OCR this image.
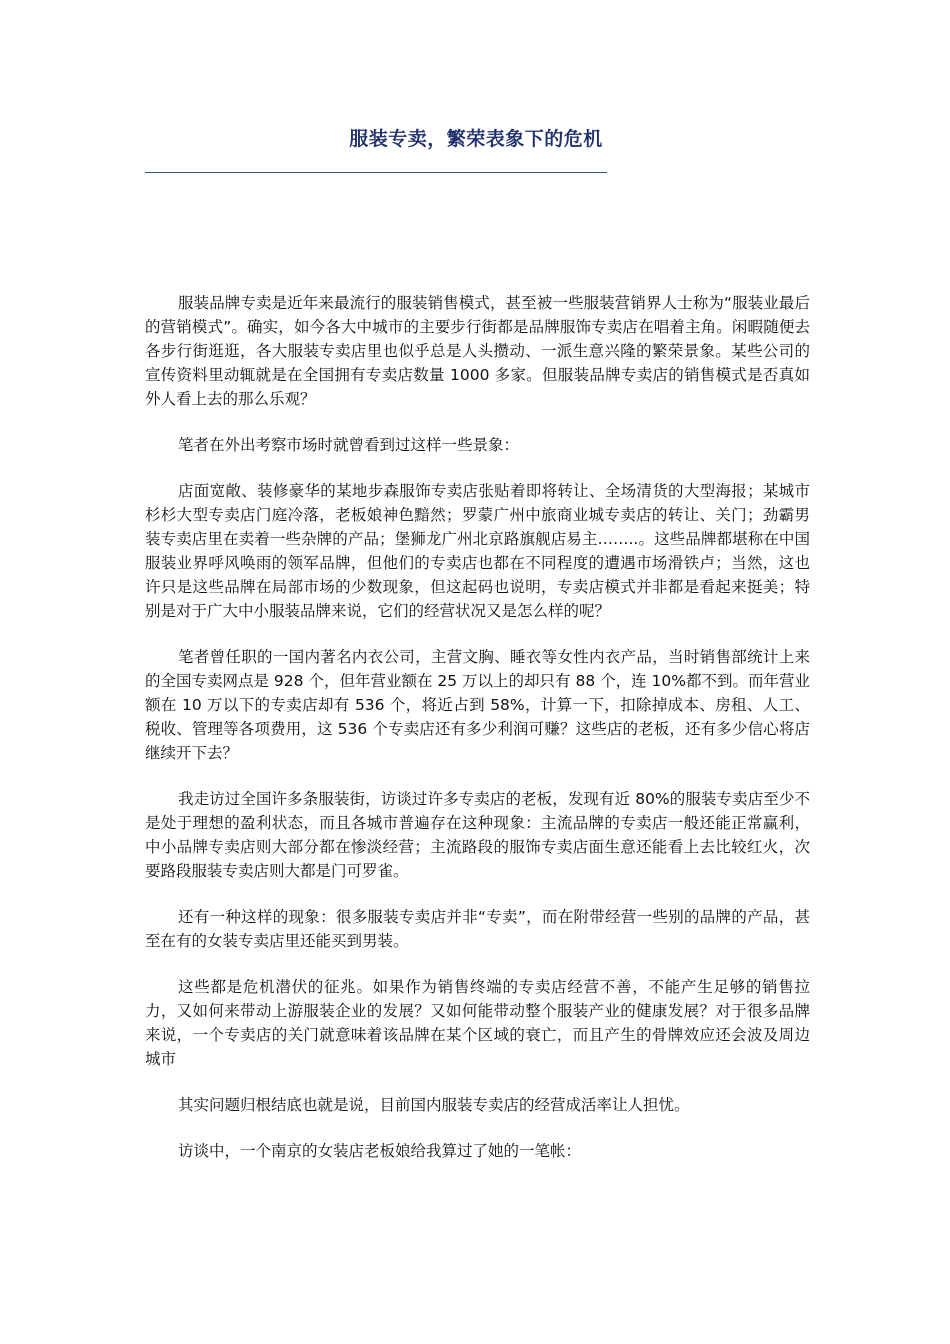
服装专卖，繁荣表象下的危机

服装品牌专卖是近年来最流行的服装销售模式，甚至被一些服装营销界人士称为“服装业最后的营销模式”。确实，如今各大中城市的主要步行街都是品牌服饰专卖店在唱着主角。闲暇随便去各步行街逛逛，各大服装专卖店里也似乎总是人头攒动、一派生意兴隆的繁荣景象。某些公司的宣传资料里动辄就是在全国拥有专卖店数量 1000 多家。但服装品牌专卖店的销售模式是否真如外人看上去的那么乐观？

笔者在外出考察市场时就曾看到过这样一些景象：

店面宽敞、装修豪华的某地步森服饰专卖店张贴着即将转让、全场清货的大型海报；某城市杉杉大型专卖店门庭冷落，老板娘神色黯然；罗蒙广州中旅商业城专卖店的转让、关门；劲霸男装专卖店里在卖着一些杂牌的产品；堡狮龙广州北京路旗舰店易主……..。这些品牌都堪称在中国服装业界呼风唤雨的领军品牌，但他们的专卖店也都在不同程度的遭遇市场滑铁卢；当然，这也许只是这些品牌在局部市场的少数现象，但这起码也说明，专卖店模式并非都是看起来挺美；特别是对于广大中小服装品牌来说，它们的经营状况又是怎么样的呢？

笔者曾任职的一国内著名内衣公司，主营文胸、睡衣等女性内衣产品，当时销售部统计上来的全国专卖网点是 928 个，但年营业额在 25 万以上的却只有 88 个，连 10%都不到。而年营业额在 10 万以下的专卖店却有 536 个，将近占到 58%，计算一下，扣除掉成本、房租、人工、税收、管理等各项费用，这 536 个专卖店还有多少利润可赚？这些店的老板，还有多少信心将店继续开下去？

我走访过全国许多条服装街，访谈过许多专卖店的老板，发现有近 80%的服装专卖店至少不是处于理想的盈利状态，而且各城市普遍存在这种现象：主流品牌的专卖店一般还能正常赢利，中小品牌专卖店则大部分都在惨淡经营；主流路段的服饰专卖店面生意还能看上去比较红火，次要路段服装专卖店则大都是门可罗雀。

还有一种这样的现象：很多服装专卖店并非“专卖”，而在附带经营一些别的品牌的产品，甚至在有的女装专卖店里还能买到男装。

这些都是危机潜伏的征兆。如果作为销售终端的专卖店经营不善，不能产生足够的销售拉力，又如何来带动上游服装企业的发展？又如何能带动整个服装产业的健康发展？对于很多品牌来说，一个专卖店的关门就意味着该品牌在某个区域的衰亡，而且产生的骨牌效应还会波及周边城市

其实问题归根结底也就是说，目前国内服装专卖店的经营成活率让人担忧。

访谈中，一个南京的女装店老板娘给我算过了她的一笔帐：
